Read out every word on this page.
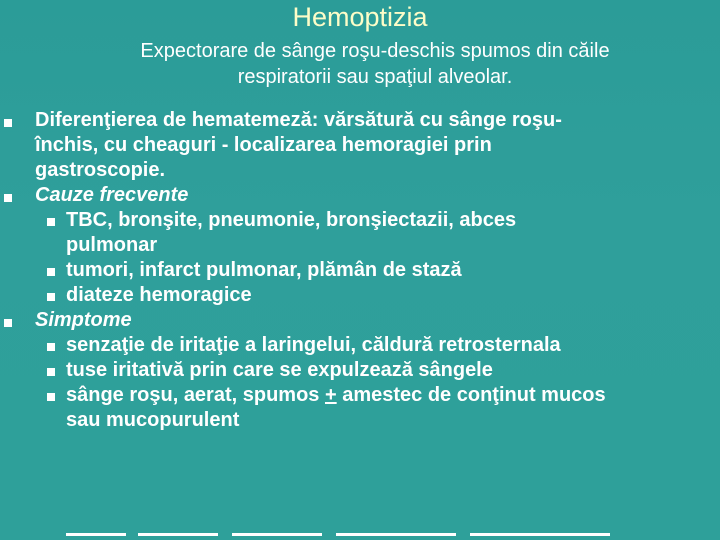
Hemoptizia
Expectorare de sânge roşu-deschis spumos din căile
respiratorii sau spaţiul alveolar.
Diferenţierea de hematemeză: vărsătură cu sânge roşu-
închis, cu cheaguri - localizarea hemoragiei prin
gastroscopie.
Cauze frecvente
TBC, bronşite, pneumonie, bronşiectazii, abces
pulmonar
tumori, infarct pulmonar, plămân de stază
diateze hemoragice
Simptome
senzaţie de iritaţie a laringelui, căldură retrosternala
tuse iritativă prin care se expulzează sângele
sânge roşu, aerat, spumos + amestec de conţinut mucos
sau mucopurulent
